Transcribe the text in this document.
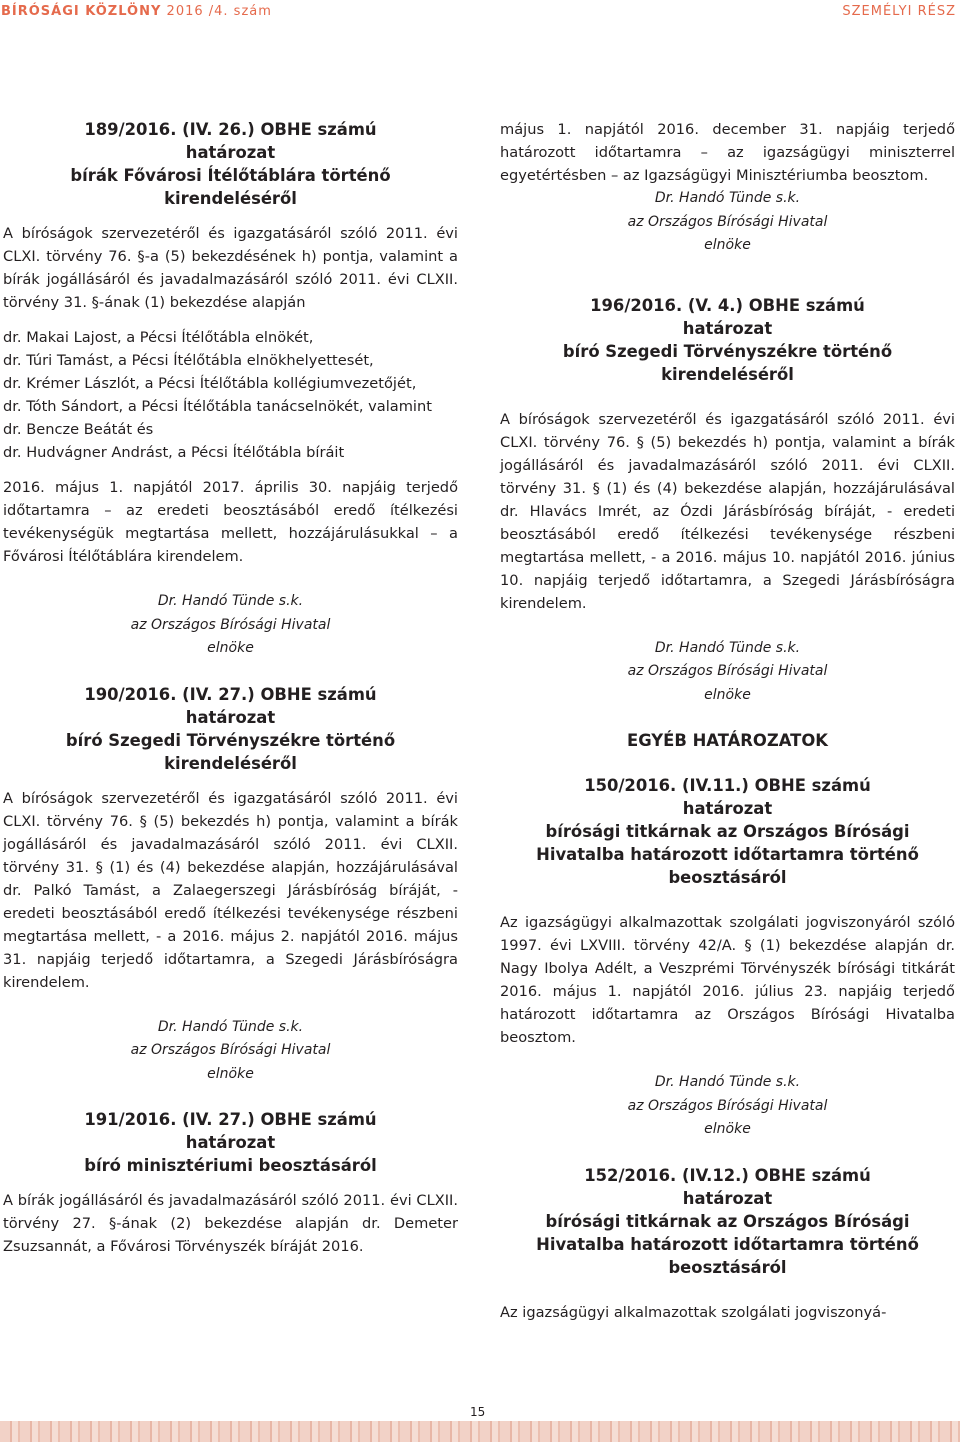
BÍRÓSÁGI KÖZLÖNY 2016 /4. szám	SZEMÉLYI RÉSZ
189/2016. (IV. 26.) OBHE számú
határozat
bírák Fővárosi Ítélőtáblára történő
kirendeléséről

A bíróságok szervezetéről és igazgatásáról szóló 2011. évi CLXI. törvény 76. §-a (5) bekezdésének h) pontja, valamint a bírák jogállásáról és javadalmazásáról szóló 2011. évi CLXII. törvény 31. §-ának (1) bekezdése alapján

dr. Makai Lajost, a Pécsi Ítélőtábla elnökét,

dr. Túri Tamást, a Pécsi Ítélőtábla elnökhelyettesét,

dr. Krémer Lászlót, a Pécsi Ítélőtábla kollégiumvezetőjét,

dr. Tóth Sándort, a Pécsi Ítélőtábla tanácselnökét, valamint

dr. Bencze Beátát és

dr. Hudvágner Andrást, a Pécsi Ítélőtábla bíráit

2016. május 1. napjától 2017. április 30. napjáig terjedő időtartamra – az eredeti beosztásából eredő ítélkezési tevékenységük megtartása mellett, hozzájárulásukkal – a Fővárosi Ítélőtáblára kirendelem.

Dr. Handó Tünde s.k.
az Országos Bírósági Hivatal
elnöke
190/2016. (IV. 27.) OBHE számú
határozat
bíró Szegedi Törvényszékre történő
kirendeléséről

A bíróságok szervezetéről és igazgatásáról szóló 2011. évi CLXI. törvény 76. § (5) bekezdés h) pontja, valamint a bírák jogállásáról és javadalmazásáról szóló 2011. évi CLXII. törvény 31. § (1) és (4) bekezdése alapján, hozzájárulásával dr. Palkó Tamást, a Zalaegerszegi Járásbíróság bíráját, - eredeti beosztásából eredő ítélkezési tevékenysége részbeni megtartása mellett, - a 2016. május 2. napjától 2016. május 31. napjáig terjedő időtartamra, a Szegedi Járásbíróságra kirendelem.

Dr. Handó Tünde s.k.
az Országos Bírósági Hivatal
elnöke
191/2016. (IV. 27.) OBHE számú
határozat
bíró minisztériumi beosztásáról

A bírák jogállásáról és javadalmazásáról szóló 2011. évi CLXII. törvény 27. §-ának (2) bekezdése alapján dr. Demeter Zsuzsannát, a Fővárosi Törvényszék bíráját 2016.

május 1. napjától 2016. december 31. napjáig terjedő határozott időtartamra – az igazságügyi miniszterrel egyetértésben – az Igazságügyi Minisztériumba beosztom.

Dr. Handó Tünde s.k.
az Országos Bírósági Hivatal
elnöke
196/2016. (V. 4.) OBHE számú
határozat
bíró Szegedi Törvényszékre történő
kirendeléséről

A bíróságok szervezetéről és igazgatásáról szóló 2011. évi CLXI. törvény 76. § (5) bekezdés h) pontja, valamint a bírák jogállásáról és javadalmazásáról szóló 2011. évi CLXII. törvény 31. § (1) és (4) bekezdése alapján, hozzájárulásával dr. Hlavács Imrét, az Ózdi Járásbíróság bíráját, - eredeti beosztásából eredő ítélkezési tevékenysége részbeni megtartása mellett, - a 2016. május 10. napjától 2016. június 10. napjáig terjedő időtartamra, a Szegedi Járásbíróságra kirendelem.

Dr. Handó Tünde s.k.
az Országos Bírósági Hivatal
elnöke
EGYÉB HATÁROZATOK
150/2016. (IV.11.) OBHE számú
határozat
bírósági titkárnak az Országos Bírósági
Hivatalba határozott időtartamra történő
beosztásáról

Az igazságügyi alkalmazottak szolgálati jogviszonyáról szóló 1997. évi LXVIII. törvény 42/A. § (1) bekezdése alapján dr. Nagy Ibolya Adélt, a Veszprémi Törvényszék bírósági titkárát 2016. május 1. napjától 2016. július 23. napjáig terjedő határozott időtartamra az Országos Bírósági Hivatalba beosztom.

Dr. Handó Tünde s.k.
az Országos Bírósági Hivatal
elnöke
152/2016. (IV.12.) OBHE számú
határozat
bírósági titkárnak az Országos Bírósági
Hivatalba határozott időtartamra történő
beosztásáról

Az igazságügyi alkalmazottak szolgálati jogviszonyá-

15
